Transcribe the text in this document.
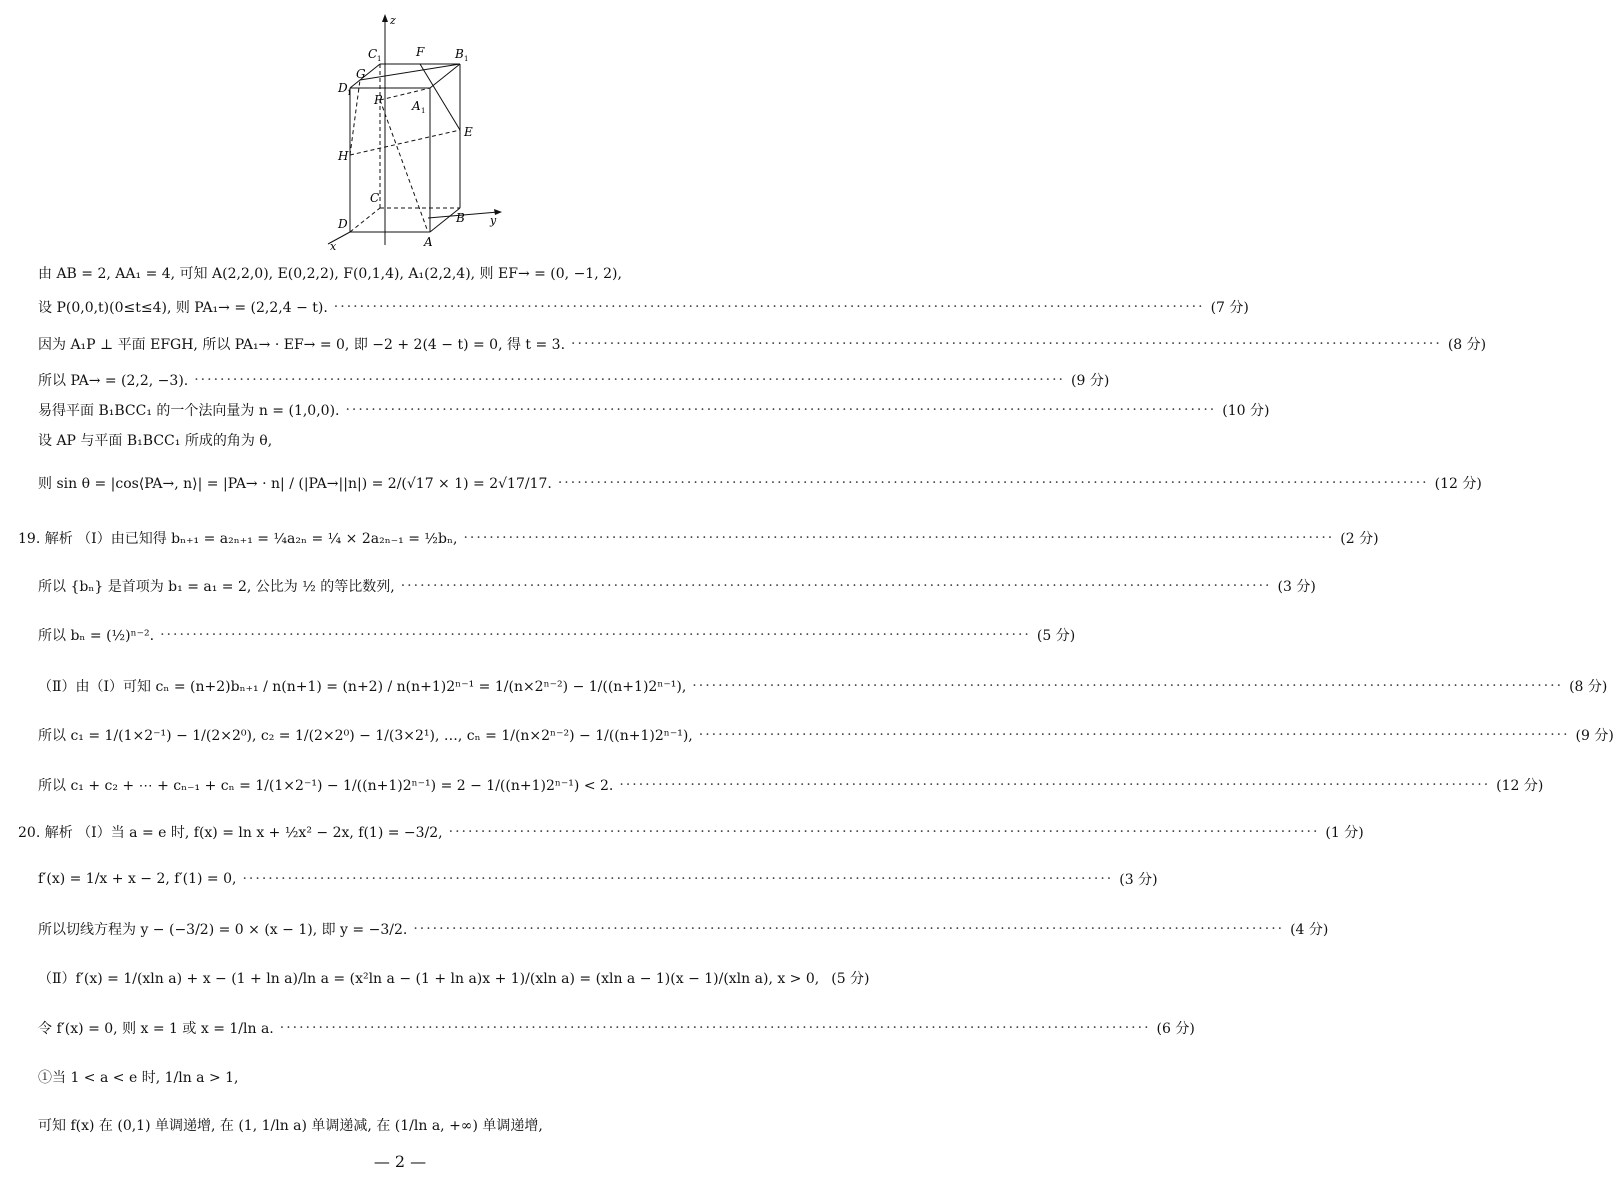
z
C 1	F	B 1
G
D 1 P A 1
E
H
C
B y
D
A
x
由 AB = 2, AA₁ = 4, 可知 A(2,2,0), E(0,2,2), F(0,1,4), A₁(2,2,4), 则 EF→ = (0, −1, 2),
设 P(0,0,t)(0≤t≤4), 则 PA₁→ = (2,2,4 − t). ·····	(7 分)
因为 A₁P ⊥ 平面 EFGH, 所以 PA₁→ · EF→ = 0, 即 −2 + 2(4 − t) = 0, 得 t = 3. ·····	(8 分)
所以 PA→ = (2,2, −3). ·····	(9 分)
易得平面 B₁BCC₁ 的一个法向量为 n = (1,0,0). ·····	(10 分)
设 AP 与平面 B₁BCC₁ 所成的角为 θ,
则 sin θ = |cos⟨PA→, n⟩| = |PA→ · n| / (|PA→||n|) = 2/(√17 × 1) = 2√17/17. ·····	(12 分)
19. 解析 （Ⅰ）由已知得 bₙ₊₁ = a₂ₙ₊₁ = ¼a₂ₙ = ¼ × 2a₂ₙ₋₁ = ½bₙ, ·····	(2 分)
所以 {bₙ} 是首项为 b₁ = a₁ = 2, 公比为 ½ 的等比数列, ·····	(3 分)
所以 bₙ = (½)ⁿ⁻². ·····	(5 分)
（Ⅱ）由（Ⅰ）可知 cₙ = (n+2)bₙ₊₁ / n(n+1) = (n+2) / n(n+1)2ⁿ⁻¹ = 1/(n×2ⁿ⁻²) − 1/((n+1)2ⁿ⁻¹), ·····	(8 分)
所以 c₁ = 1/(1×2⁻¹) − 1/(2×2⁰), c₂ = 1/(2×2⁰) − 1/(3×2¹), …, cₙ = 1/(n×2ⁿ⁻²) − 1/((n+1)2ⁿ⁻¹), ·····	(9 分)
所以 c₁ + c₂ + ⋯ + cₙ₋₁ + cₙ = 1/(1×2⁻¹) − 1/((n+1)2ⁿ⁻¹) = 2 − 1/((n+1)2ⁿ⁻¹) < 2. ·····	(12 分)
20. 解析 （Ⅰ）当 a = e 时, f(x) = ln x + ½x² − 2x, f(1) = −3/2, ·····	(1 分)
f′(x) = 1/x + x − 2, f′(1) = 0, ·····	(3 分)
所以切线方程为 y − (−3/2) = 0 × (x − 1), 即 y = −3/2. ·····	(4 分)
（Ⅱ）f′(x) = 1/(xln a) + x − (1 + ln a)/ln a = (x²ln a − (1 + ln a)x + 1)/(xln a) = (xln a − 1)(x − 1)/(xln a), x > 0, (5 分)
令 f′(x) = 0, 则 x = 1 或 x = 1/ln a. ·····	(6 分)
①当 1 < a < e 时, 1/ln a > 1,
可知 f(x) 在 (0,1) 单调递增, 在 (1, 1/ln a) 单调递减, 在 (1/ln a, +∞) 单调递增,
— 2 —
